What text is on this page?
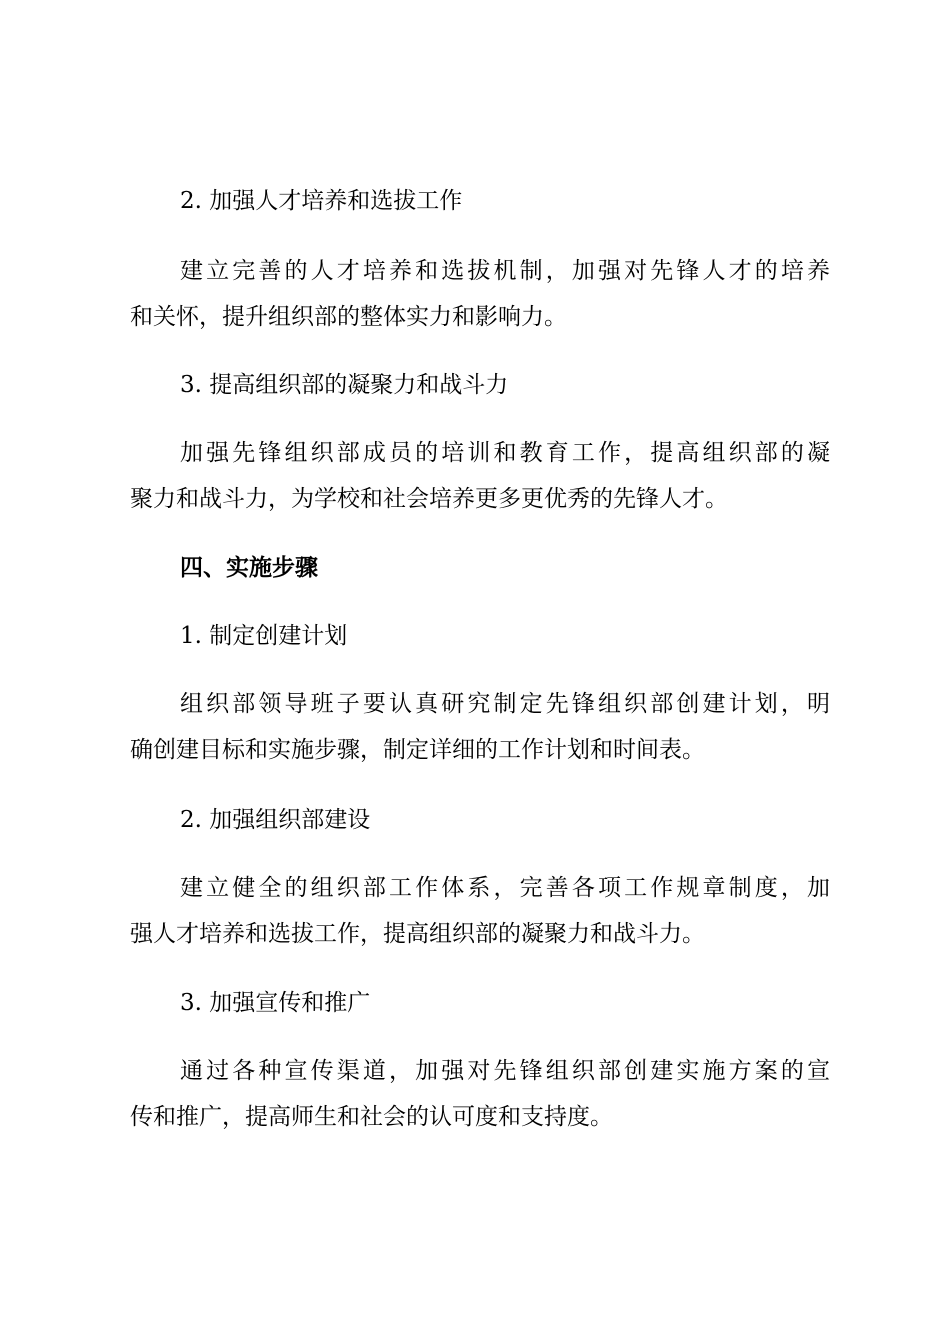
2. 加强人才培养和选拔工作
建立完善的人才培养和选拔机制，加强对先锋人才的培养
和关怀，提升组织部的整体实力和影响力。
3. 提高组织部的凝聚力和战斗力
加强先锋组织部成员的培训和教育工作，提高组织部的凝
聚力和战斗力，为学校和社会培养更多更优秀的先锋人才。
四、实施步骤
1. 制定创建计划
组织部领导班子要认真研究制定先锋组织部创建计划，明
确创建目标和实施步骤，制定详细的工作计划和时间表。
2. 加强组织部建设
建立健全的组织部工作体系，完善各项工作规章制度，加
强人才培养和选拔工作，提高组织部的凝聚力和战斗力。
3. 加强宣传和推广
通过各种宣传渠道，加强对先锋组织部创建实施方案的宣
传和推广，提高师生和社会的认可度和支持度。
